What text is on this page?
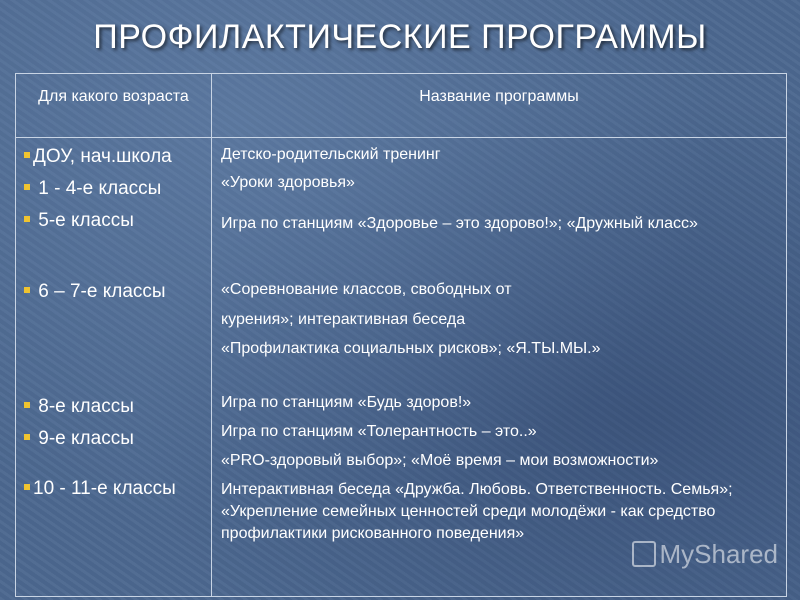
ПРОФИЛАКТИЧЕСКИЕ ПРОГРАММЫ
Для какого возраста	Название программы
ДОУ, нач.школа
1 - 4-е классы
5-е классы
6 – 7-е классы
8-е классы
9-е классы
10 - 11-е классы
Детско-родительский тренинг
«Уроки здоровья»
Игра по станциям «Здоровье – это здорово!»; «Дружный класс»
«Соревнование классов, свободных от
курения»; интерактивная беседа
«Профилактика социальных рисков»; «Я.ТЫ.МЫ.»
Игра по станциям «Будь здоров!»
Игра по станциям «Толерантность – это..»
«PRO-здоровый выбор»; «Моё время – мои возможности»
Интерактивная беседа «Дружба. Любовь. Ответственность. Семья»; «Укрепление семейных ценностей среди молодёжи - как средство профилактики рискованного поведения»
MyShared
